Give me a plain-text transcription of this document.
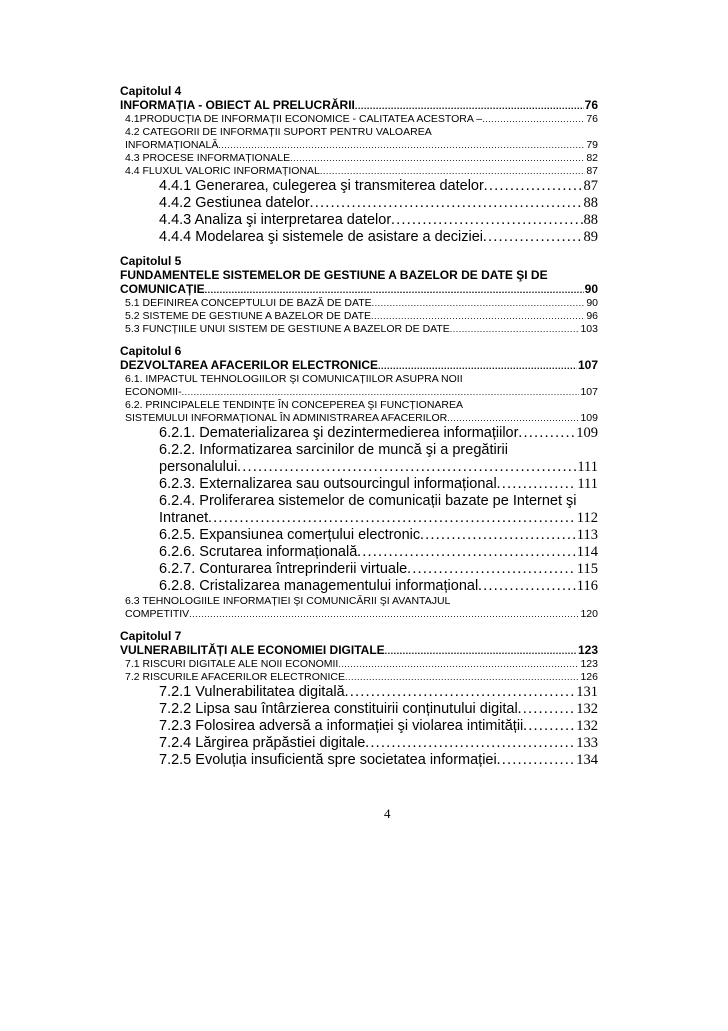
Capitolul 4
INFORMAȚIA - OBIECT AL PRELUCRĂRII . . .	76
4.1PRODUCȚIA DE INFORMAȚII ECONOMICE - CALITATEA ACESTORA – . . .	76
4.2 CATEGORII DE INFORMAȚII SUPORT PENTRU VALOAREA
INFORMAȚIONALĂ . . .	79
4.3 PROCESE INFORMAȚIONALE . . .	82
4.4 FLUXUL VALORIC INFORMAȚIONAL . . .	87
4.4.1 Generarea, culegerea şi transmiterea datelor . . .	87
4.4.2 Gestiunea datelor . . .	88
4.4.3 Analiza şi interpretarea datelor . . .	88
4.4.4 Modelarea şi sistemele de asistare a deciziei . . .	89
Capitolul 5
FUNDAMENTELE SISTEMELOR DE GESTIUNE A BAZELOR DE DATE ŞI DE
COMUNICAȚIE . . .	90
5.1 DEFINIREA CONCEPTULUI DE BAZĂ DE DATE . . .	90
5.2 SISTEME DE GESTIUNE A BAZELOR DE DATE . . .	96
5.3 FUNCȚIILE UNUI SISTEM DE GESTIUNE A BAZELOR DE DATE . . .	103
Capitolul 6
DEZVOLTAREA AFACERILOR ELECTRONICE . . .	107
6.1. IMPACTUL TEHNOLOGIILOR ŞI COMUNICAȚIILOR ASUPRA NOII
ECONOMII- . . .	107
6.2. PRINCIPALELE TENDINȚE ÎN CONCEPEREA ŞI FUNCȚIONAREA
SISTEMULUI INFORMAȚIONAL ÎN ADMINISTRAREA AFACERILOR . . .	109
6.2.1. Dematerializarea şi dezintermedierea informațiilor . . .	109
6.2.2. Informatizarea sarcinilor de muncă şi a pregătirii
personalului . . .	111
6.2.3. Externalizarea sau outsourcingul informațional . . .	111
6.2.4. Proliferarea sistemelor de comunicații bazate pe Internet şi
Intranet . . .	112
6.2.5. Expansiunea comerțului electronic . . .	113
6.2.6. Scrutarea informațională . . .	114
6.2.7. Conturarea întreprinderii virtuale . . .	115
6.2.8. Cristalizarea managementului informațional . . .	116
6.3 TEHNOLOGIILE INFORMAȚIEI ŞI COMUNICĂRII ŞI AVANTAJUL
COMPETITIV . . .	120
Capitolul 7
VULNERABILITĂȚI ALE ECONOMIEI DIGITALE . . .	123
7.1 RISCURI DIGITALE ALE NOII ECONOMII . . .	123
7.2 RISCURILE AFACERILOR ELECTRONICE . . .	126
7.2.1 Vulnerabilitatea digitală . . .	131
7.2.2 Lipsa sau întârzierea constituirii conținutului digital . . .	132
7.2.3 Folosirea adversă a informației şi violarea intimității . . .	132
7.2.4 Lărgirea prăpăstiei digitale . . .	133
7.2.5 Evoluția insuficientă spre societatea informației . . .	134
4
